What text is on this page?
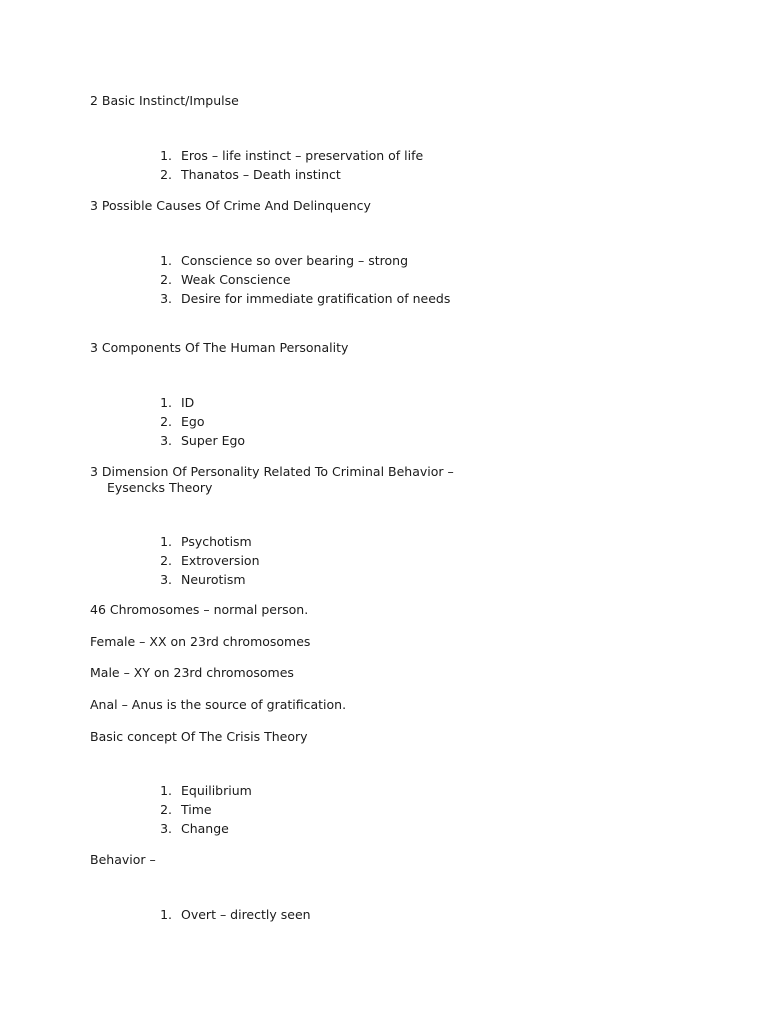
2 Basic Instinct/Impulse
1. Eros – life instinct – preservation of life
2. Thanatos – Death instinct
3 Possible Causes Of Crime And Delinquency
1. Conscience so over bearing – strong
2. Weak Conscience
3. Desire for immediate gratification of needs
3 Components Of The Human Personality
1. ID
2. Ego
3. Super Ego
3 Dimension Of Personality Related To Criminal Behavior –
Eysencks Theory
1. Psychotism
2. Extroversion
3. Neurotism
46 Chromosomes – normal person.
Female – XX on 23rd chromosomes
Male – XY on 23rd chromosomes
Anal – Anus is the source of gratification.
Basic concept Of The Crisis Theory
1. Equilibrium
2. Time
3. Change
Behavior –
1. Overt – directly seen
